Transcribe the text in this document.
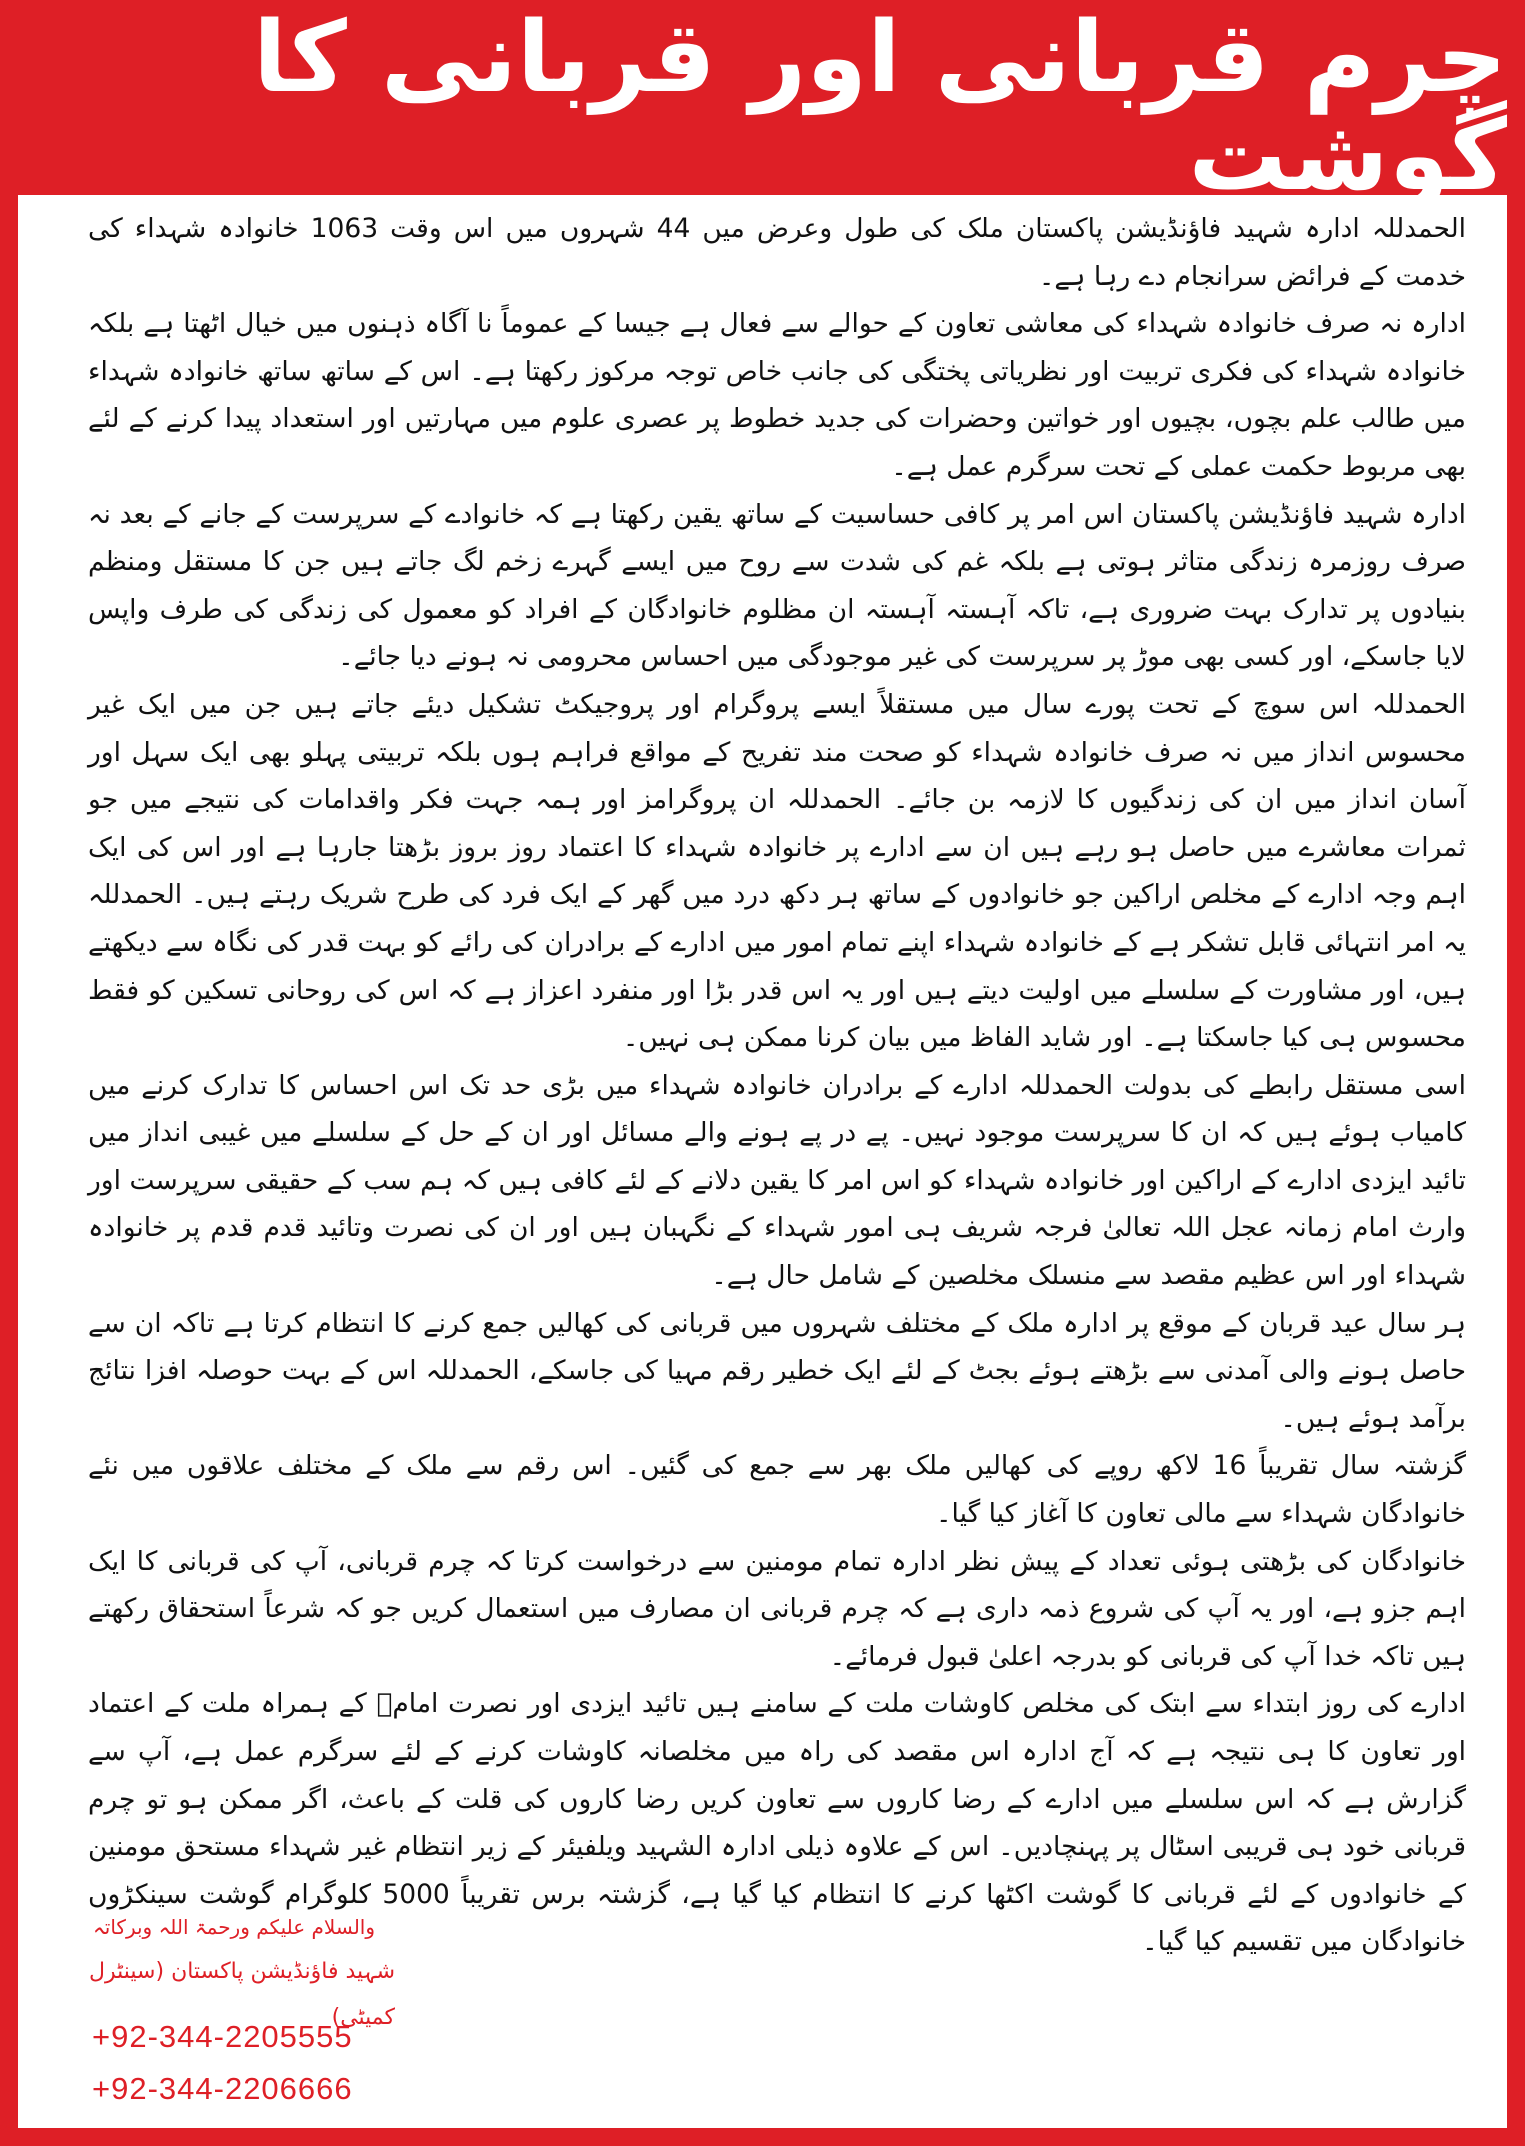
چرم قربانی اور قربانی کا گوشت

الحمدللہ ادارہ شہید فاؤنڈیشن پاکستان ملک کی طول وعرض میں 44 شہروں میں اس وقت 1063 خانوادہ شہداء کی خدمت کے فرائض سرانجام دے رہا ہے۔

ادارہ نہ صرف خانوادہ شہداء کی معاشی تعاون کے حوالے سے فعال ہے جیسا کے عموماً نا آگاہ ذہنوں میں خیال اٹھتا ہے بلکہ خانوادہ شہداء کی فکری تربیت اور نظریاتی پختگی کی جانب خاص توجہ مرکوز رکھتا ہے۔ اس کے ساتھ ساتھ خانوادہ شہداء میں طالب علم بچوں، بچیوں اور خواتین وحضرات کی جدید خطوط پر عصری علوم میں مہارتیں اور استعداد پیدا کرنے کے لئے بھی مربوط حکمت عملی کے تحت سرگرم عمل ہے۔

ادارہ شہید فاؤنڈیشن پاکستان اس امر پر کافی حساسیت کے ساتھ یقین رکھتا ہے کہ خانوادے کے سرپرست کے جانے کے بعد نہ صرف روزمرہ زندگی متاثر ہوتی ہے بلکہ غم کی شدت سے روح میں ایسے گہرے زخم لگ جاتے ہیں جن کا مستقل ومنظم بنیادوں پر تدارک بہت ضروری ہے، تاکہ آہستہ آہستہ ان مظلوم خانوادگان کے افراد کو معمول کی زندگی کی طرف واپس لایا جاسکے، اور کسی بھی موڑ پر سرپرست کی غیر موجودگی میں احساس محرومی نہ ہونے دیا جائے۔

الحمدللہ اس سوچ کے تحت پورے سال میں مستقلاً ایسے پروگرام اور پروجیکٹ تشکیل دیئے جاتے ہیں جن میں ایک غیر محسوس انداز میں نہ صرف خانوادہ شہداء کو صحت مند تفریح کے مواقع فراہم ہوں بلکہ تربیتی پہلو بھی ایک سہل اور آسان انداز میں ان کی زندگیوں کا لازمہ بن جائے۔ الحمدللہ ان پروگرامز اور ہمہ جہت فکر واقدامات کی نتیجے میں جو ثمرات معاشرے میں حاصل ہو رہے ہیں ان سے ادارے پر خانوادہ شہداء کا اعتماد روز بروز بڑھتا جارہا ہے اور اس کی ایک اہم وجہ ادارے کے مخلص اراکین جو خانوادوں کے ساتھ ہر دکھ درد میں گھر کے ایک فرد کی طرح شریک رہتے ہیں۔ الحمدللہ یہ امر انتہائی قابل تشکر ہے کے خانوادہ شہداء اپنے تمام امور میں ادارے کے برادران کی رائے کو بہت قدر کی نگاہ سے دیکھتے ہیں، اور مشاورت کے سلسلے میں اولیت دیتے ہیں اور یہ اس قدر بڑا اور منفرد اعزاز ہے کہ اس کی روحانی تسکین کو فقط محسوس ہی کیا جاسکتا ہے۔ اور شاید الفاظ میں بیان کرنا ممکن ہی نہیں۔

اسی مستقل رابطے کی بدولت الحمدللہ ادارے کے برادران خانوادہ شہداء میں بڑی حد تک اس احساس کا تدارک کرنے میں کامیاب ہوئے ہیں کہ ان کا سرپرست موجود نہیں۔ پے در پے ہونے والے مسائل اور ان کے حل کے سلسلے میں غیبی انداز میں تائید ایزدی ادارے کے اراکین اور خانوادہ شہداء کو اس امر کا یقین دلانے کے لئے کافی ہیں کہ ہم سب کے حقیقی سرپرست اور وارث امام زمانہ عجل اللہ تعالیٰ فرجہ شریف ہی امور شہداء کے نگہبان ہیں اور ان کی نصرت وتائید قدم قدم پر خانوادہ شہداء اور اس عظیم مقصد سے منسلک مخلصین کے شامل حال ہے۔

ہر سال عید قربان کے موقع پر ادارہ ملک کے مختلف شہروں میں قربانی کی کھالیں جمع کرنے کا انتظام کرتا ہے تاکہ ان سے حاصل ہونے والی آمدنی سے بڑھتے ہوئے بجٹ کے لئے ایک خطیر رقم مہیا کی جاسکے، الحمدللہ اس کے بہت حوصلہ افزا نتائج برآمد ہوئے ہیں۔

گزشتہ سال تقریباً 16 لاکھ روپے کی کھالیں ملک بھر سے جمع کی گئیں۔ اس رقم سے ملک کے مختلف علاقوں میں نئے خانوادگان شہداء سے مالی تعاون کا آغاز کیا گیا۔

خانوادگان کی بڑھتی ہوئی تعداد کے پیش نظر ادارہ تمام مومنین سے درخواست کرتا کہ چرم قربانی، آپ کی قربانی کا ایک اہم جزو ہے، اور یہ آپ کی شروع ذمہ داری ہے کہ چرم قربانی ان مصارف میں استعمال کریں جو کہ شرعاً استحقاق رکھتے ہیں تاکہ خدا آپ کی قربانی کو بدرجہ اعلیٰ قبول فرمائے۔

ادارے کی روز ابتداء سے ابتک کی مخلص کاوشات ملت کے سامنے ہیں تائید ایزدی اور نصرت امامؑ کے ہمراہ ملت کے اعتماد اور تعاون کا ہی نتیجہ ہے کہ آج ادارہ اس مقصد کی راہ میں مخلصانہ کاوشات کرنے کے لئے سرگرم عمل ہے، آپ سے گزارش ہے کہ اس سلسلے میں ادارے کے رضا کاروں سے تعاون کریں رضا کاروں کی قلت کے باعث، اگر ممکن ہو تو چرم قربانی خود ہی قریبی اسٹال پر پہنچادیں۔ اس کے علاوہ ذیلی ادارہ الشہید ویلفیئر کے زیر انتظام غیر شہداء مستحق مومنین کے خانوادوں کے لئے قربانی کا گوشت اکٹھا کرنے کا انتظام کیا گیا ہے، گزشتہ برس تقریباً 5000 کلوگرام گوشت سینکڑوں خانوادگان میں تقسیم کیا گیا۔

والسلام علیکم ورحمۃ اللہ وبرکاتہ
شہید فاؤنڈیشن پاکستان (سینٹرل کمیٹی)
+92-344-2205555
+92-344-2206666
